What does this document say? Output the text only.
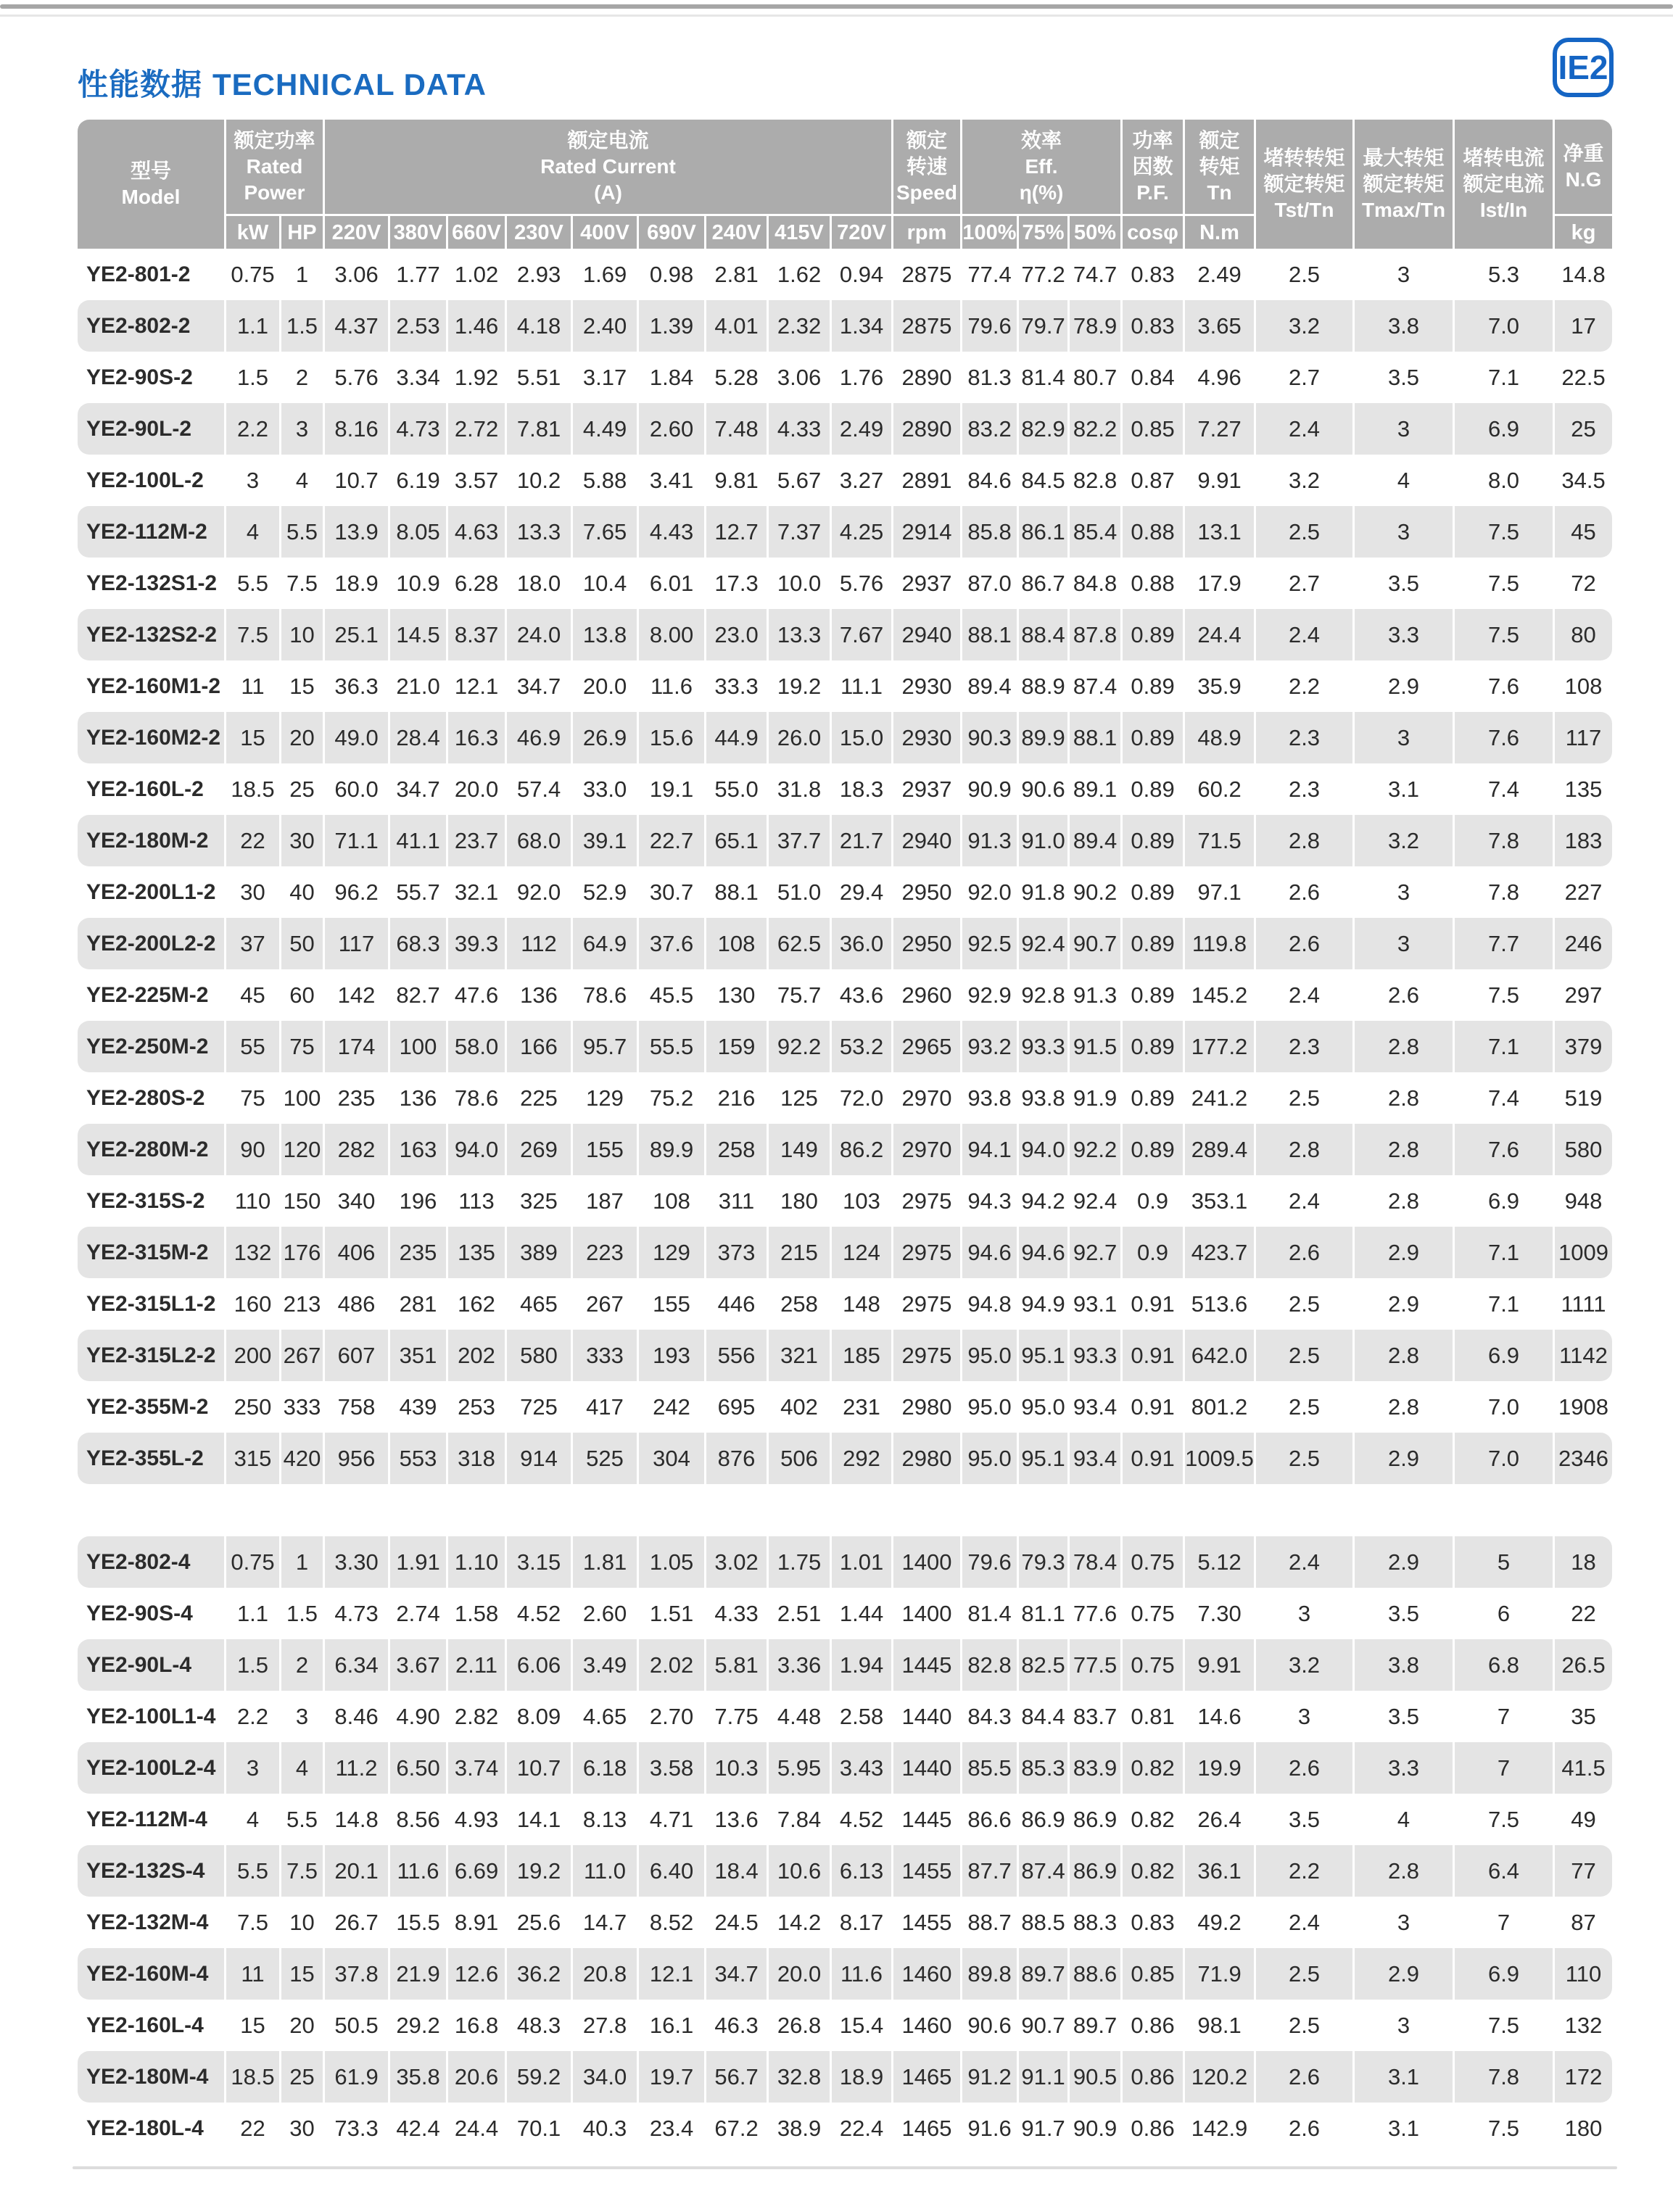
性能数据 TECHNICAL DATA	IE2
型号
Model

额定功率
Rated
Power

额定电流
Rated Current
(A)

额定
转速
Speed

效率
Eff.
η(%)

功率
因数
P.F.

额定
转矩
Tn

堵转转矩
额定转矩
Tst/Tn

最大转矩
额定转矩
Tmax/Tn

堵转电流
额定电流
Ist/In

净重
N.G

	kW	HP	220V	380V	660V	230V	400V	690V	240V	415V	720V	rpm	100%	75%	50%	cosφ	N.m				kg
YE2-801-2	0.75	1	3.06	1.77	1.02	2.93	1.69	0.98	2.81	1.62	0.94	2875	77.4	77.2	74.7	0.83	2.49	2.5	3	5.3	14.8
YE2-802-2	1.1	1.5	4.37	2.53	1.46	4.18	2.40	1.39	4.01	2.32	1.34	2875	79.6	79.7	78.9	0.83	3.65	3.2	3.8	7.0	17
YE2-90S-2	1.5	2	5.76	3.34	1.92	5.51	3.17	1.84	5.28	3.06	1.76	2890	81.3	81.4	80.7	0.84	4.96	2.7	3.5	7.1	22.5
YE2-90L-2	2.2	3	8.16	4.73	2.72	7.81	4.49	2.60	7.48	4.33	2.49	2890	83.2	82.9	82.2	0.85	7.27	2.4	3	6.9	25
YE2-100L-2	3	4	10.7	6.19	3.57	10.2	5.88	3.41	9.81	5.67	3.27	2891	84.6	84.5	82.8	0.87	9.91	3.2	4	8.0	34.5
YE2-112M-2	4	5.5	13.9	8.05	4.63	13.3	7.65	4.43	12.7	7.37	4.25	2914	85.8	86.1	85.4	0.88	13.1	2.5	3	7.5	45
YE2-132S1-2	5.5	7.5	18.9	10.9	6.28	18.0	10.4	6.01	17.3	10.0	5.76	2937	87.0	86.7	84.8	0.88	17.9	2.7	3.5	7.5	72
YE2-132S2-2	7.5	10	25.1	14.5	8.37	24.0	13.8	8.00	23.0	13.3	7.67	2940	88.1	88.4	87.8	0.89	24.4	2.4	3.3	7.5	80
YE2-160M1-2	11	15	36.3	21.0	12.1	34.7	20.0	11.6	33.3	19.2	11.1	2930	89.4	88.9	87.4	0.89	35.9	2.2	2.9	7.6	108
YE2-160M2-2	15	20	49.0	28.4	16.3	46.9	26.9	15.6	44.9	26.0	15.0	2930	90.3	89.9	88.1	0.89	48.9	2.3	3	7.6	117
YE2-160L-2	18.5	25	60.0	34.7	20.0	57.4	33.0	19.1	55.0	31.8	18.3	2937	90.9	90.6	89.1	0.89	60.2	2.3	3.1	7.4	135
YE2-180M-2	22	30	71.1	41.1	23.7	68.0	39.1	22.7	65.1	37.7	21.7	2940	91.3	91.0	89.4	0.89	71.5	2.8	3.2	7.8	183
YE2-200L1-2	30	40	96.2	55.7	32.1	92.0	52.9	30.7	88.1	51.0	29.4	2950	92.0	91.8	90.2	0.89	97.1	2.6	3	7.8	227
YE2-200L2-2	37	50	117	68.3	39.3	112	64.9	37.6	108	62.5	36.0	2950	92.5	92.4	90.7	0.89	119.8	2.6	3	7.7	246
YE2-225M-2	45	60	142	82.7	47.6	136	78.6	45.5	130	75.7	43.6	2960	92.9	92.8	91.3	0.89	145.2	2.4	2.6	7.5	297
YE2-250M-2	55	75	174	100	58.0	166	95.7	55.5	159	92.2	53.2	2965	93.2	93.3	91.5	0.89	177.2	2.3	2.8	7.1	379
YE2-280S-2	75	100	235	136	78.6	225	129	75.2	216	125	72.0	2970	93.8	93.8	91.9	0.89	241.2	2.5	2.8	7.4	519
YE2-280M-2	90	120	282	163	94.0	269	155	89.9	258	149	86.2	2970	94.1	94.0	92.2	0.89	289.4	2.8	2.8	7.6	580
YE2-315S-2	110	150	340	196	113	325	187	108	311	180	103	2975	94.3	94.2	92.4	0.9	353.1	2.4	2.8	6.9	948
YE2-315M-2	132	176	406	235	135	389	223	129	373	215	124	2975	94.6	94.6	92.7	0.9	423.7	2.6	2.9	7.1	1009
YE2-315L1-2	160	213	486	281	162	465	267	155	446	258	148	2975	94.8	94.9	93.1	0.91	513.6	2.5	2.9	7.1	1111
YE2-315L2-2	200	267	607	351	202	580	333	193	556	321	185	2975	95.0	95.1	93.3	0.91	642.0	2.5	2.8	6.9	1142
YE2-355M-2	250	333	758	439	253	725	417	242	695	402	231	2980	95.0	95.0	93.4	0.91	801.2	2.5	2.8	7.0	1908
YE2-355L-2	315	420	956	553	318	914	525	304	876	506	292	2980	95.0	95.1	93.4	0.91	1009.5	2.5	2.9	7.0	2346

YE2-802-4	0.75	1	3.30	1.91	1.10	3.15	1.81	1.05	3.02	1.75	1.01	1400	79.6	79.3	78.4	0.75	5.12	2.4	2.9	5	18
YE2-90S-4	1.1	1.5	4.73	2.74	1.58	4.52	2.60	1.51	4.33	2.51	1.44	1400	81.4	81.1	77.6	0.75	7.30	3	3.5	6	22
YE2-90L-4	1.5	2	6.34	3.67	2.11	6.06	3.49	2.02	5.81	3.36	1.94	1445	82.8	82.5	77.5	0.75	9.91	3.2	3.8	6.8	26.5
YE2-100L1-4	2.2	3	8.46	4.90	2.82	8.09	4.65	2.70	7.75	4.48	2.58	1440	84.3	84.4	83.7	0.81	14.6	3	3.5	7	35
YE2-100L2-4	3	4	11.2	6.50	3.74	10.7	6.18	3.58	10.3	5.95	3.43	1440	85.5	85.3	83.9	0.82	19.9	2.6	3.3	7	41.5
YE2-112M-4	4	5.5	14.8	8.56	4.93	14.1	8.13	4.71	13.6	7.84	4.52	1445	86.6	86.9	86.9	0.82	26.4	3.5	4	7.5	49
YE2-132S-4	5.5	7.5	20.1	11.6	6.69	19.2	11.0	6.40	18.4	10.6	6.13	1455	87.7	87.4	86.9	0.82	36.1	2.2	2.8	6.4	77
YE2-132M-4	7.5	10	26.7	15.5	8.91	25.6	14.7	8.52	24.5	14.2	8.17	1455	88.7	88.5	88.3	0.83	49.2	2.4	3	7	87
YE2-160M-4	11	15	37.8	21.9	12.6	36.2	20.8	12.1	34.7	20.0	11.6	1460	89.8	89.7	88.6	0.85	71.9	2.5	2.9	6.9	110
YE2-160L-4	15	20	50.5	29.2	16.8	48.3	27.8	16.1	46.3	26.8	15.4	1460	90.6	90.7	89.7	0.86	98.1	2.5	3	7.5	132
YE2-180M-4	18.5	25	61.9	35.8	20.6	59.2	34.0	19.7	56.7	32.8	18.9	1465	91.2	91.1	90.5	0.86	120.2	2.6	3.1	7.8	172
YE2-180L-4	22	30	73.3	42.4	24.4	70.1	40.3	23.4	67.2	38.9	22.4	1465	91.6	91.7	90.9	0.86	142.9	2.6	3.1	7.5	180
